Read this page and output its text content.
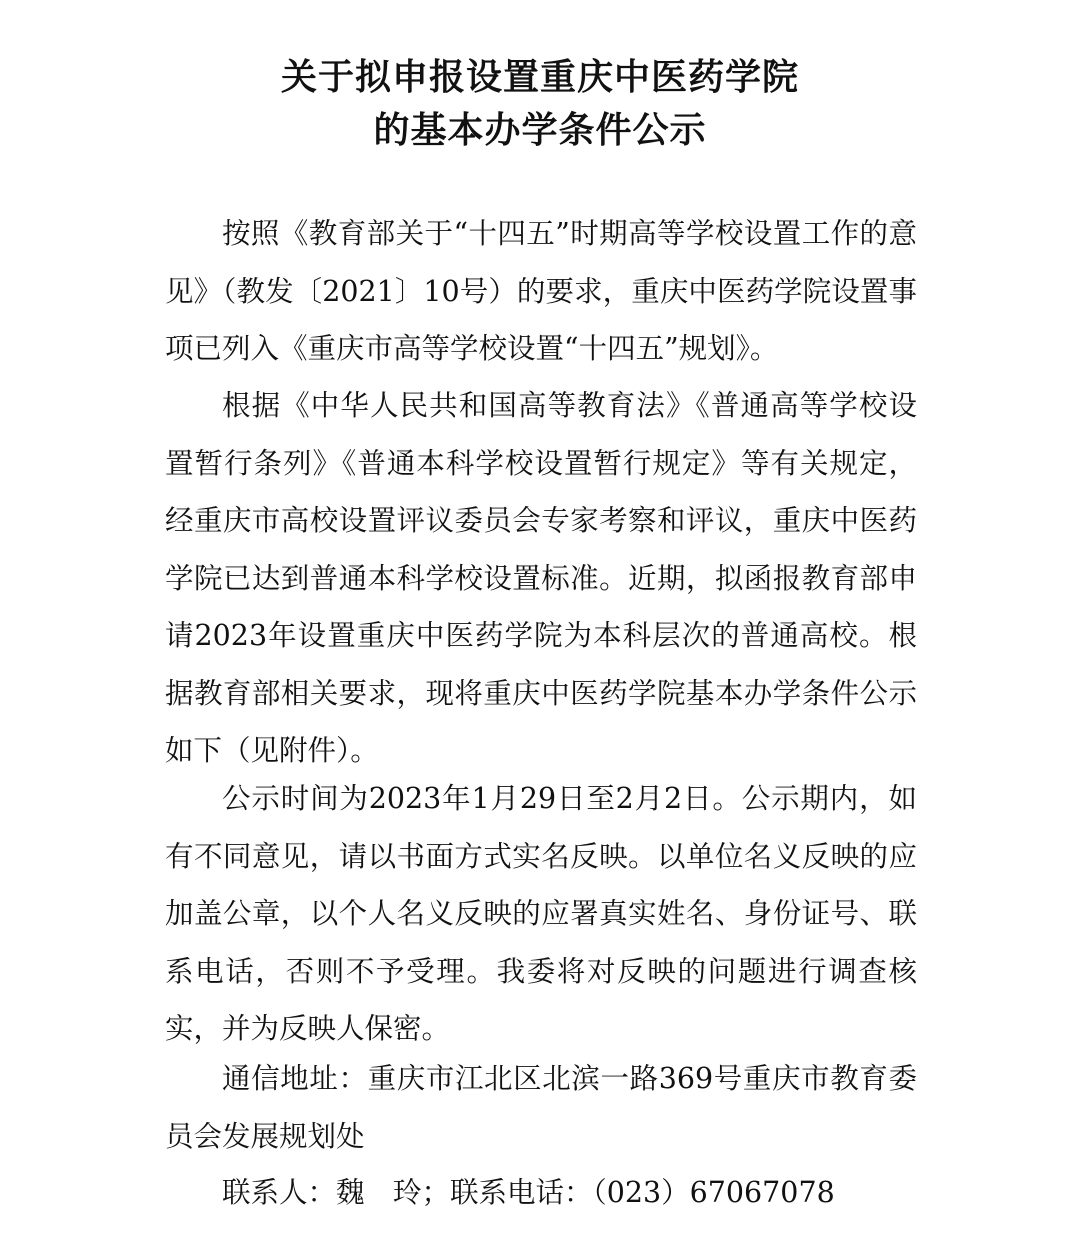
关于拟申报设置重庆中医药学院
的基本办学条件公示

按照《教育部关于“十四五”时期高等学校设置工作的意见》（教发〔2021〕10号）的要求，重庆中医药学院设置事项已列入《重庆市高等学校设置“十四五”规划》。

根据《中华人民共和国高等教育法》《普通高等学校设置暂行条列》《普通本科学校设置暂行规定》等有关规定，经重庆市高校设置评议委员会专家考察和评议，重庆中医药学院已达到普通本科学校设置标准。近期，拟函报教育部申请2023年设置重庆中医药学院为本科层次的普通高校。根据教育部相关要求，现将重庆中医药学院基本办学条件公示如下（见附件）。

公示时间为2023年1月29日至2月2日。公示期内，如有不同意见，请以书面方式实名反映。以单位名义反映的应加盖公章，以个人名义反映的应署真实姓名、身份证号、联系电话，否则不予受理。我委将对反映的问题进行调查核实，并为反映人保密。

通信地址：重庆市江北区北滨一路369号重庆市教育委员会发展规划处

联系人：魏　玲；联系电话：（023）67067078
